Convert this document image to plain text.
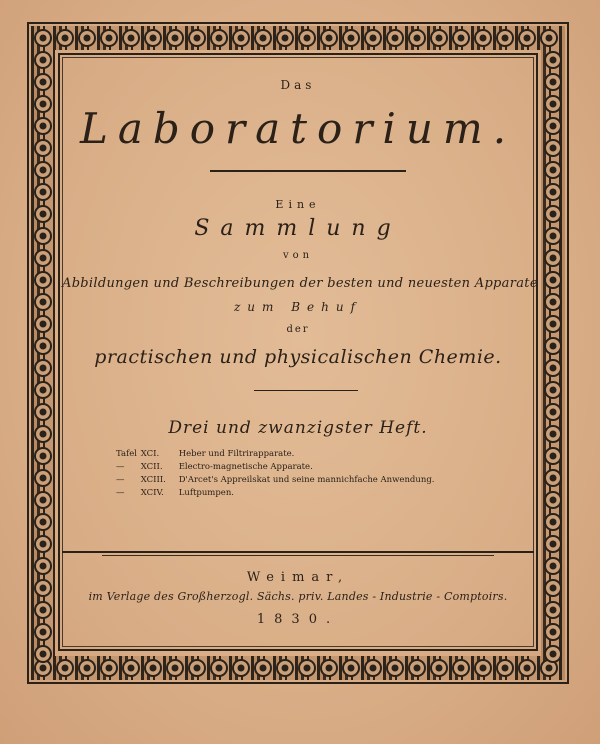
Das
Laboratorium.
Eine
Sammlung
von
Abbildungen und Beschreibungen der besten und neuesten Apparate
zum Behuf
der
practischen und physicalischen Chemie.
Drei und zwanzigster Heft.
Tafel XCI. Heber und Filtrirapparate.
— XCII. Electro-magnetische Apparate.
— XCIII. D'Arcet's Appreilskat und seine mannichfache Anwendung.
— XCIV. Luftpumpen.
Weimar,
im Verlage des Großherzogl. Sächs. priv. Landes - Industrie - Comptoirs.
1830.
